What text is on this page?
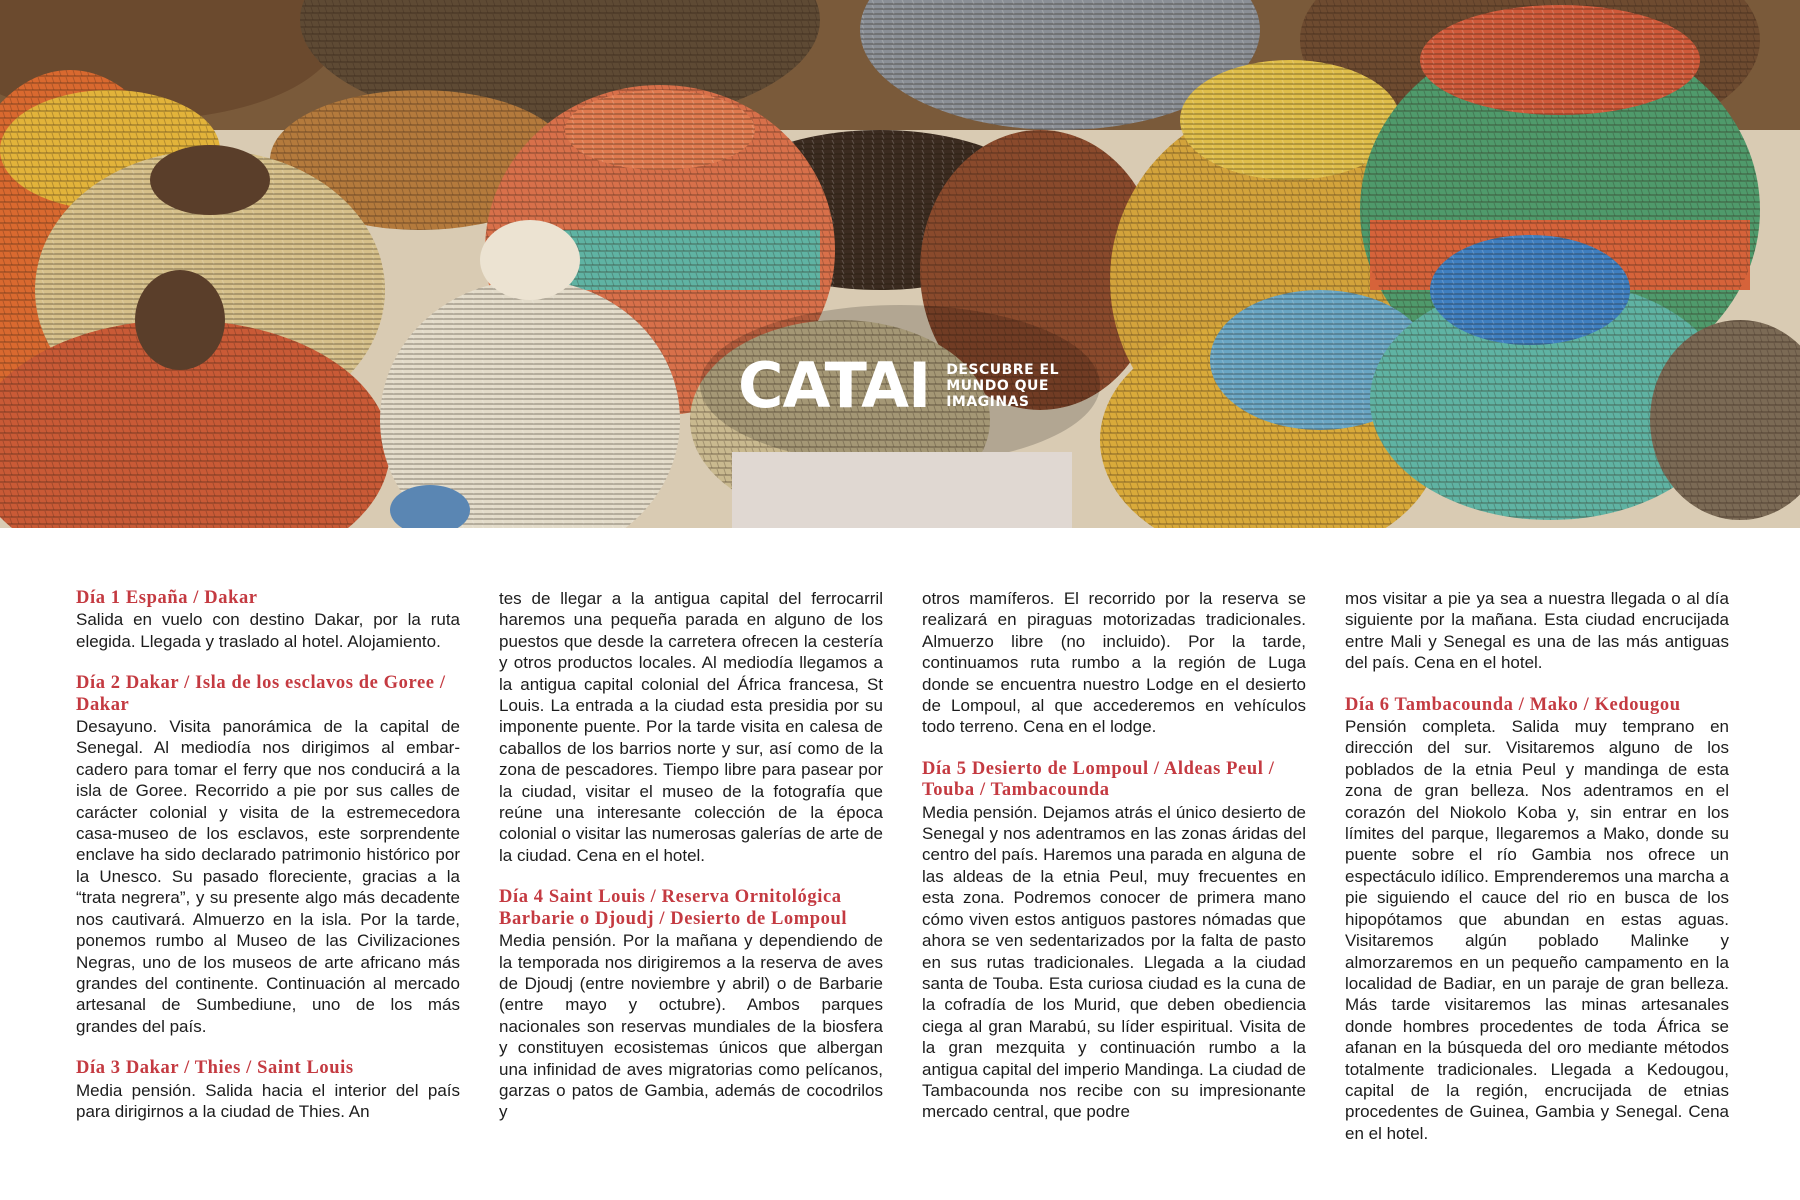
CATAI DESCUBRE EL
MUNDO QUE
IMAGINAS
Día 1 España / Dakar

Salida en vuelo con destino Dakar, por la ruta elegida. Llegada y traslado al hotel. Alojamiento.

Día 2 Dakar / Isla de los esclavos de Goree / Dakar

Desayuno. Visita panorámica de la capital de Senegal. Al mediodía nos dirigimos al embarcadero para tomar el ferry que nos conducirá a la isla de Goree. Recorrido a pie por sus calles de carácter colonial y visita de la estremecedora casa-museo de los esclavos, este sorprendente enclave ha sido declarado patrimonio histórico por la Unesco. Su pasado floreciente, gracias a la “trata negrera”, y su presente algo más decadente nos cautivará. Almuerzo en la isla. Por la tarde, ponemos rumbo al Museo de las Civilizaciones Negras, uno de los museos de arte africano más grandes del continente. Continuación al mercado artesanal de Sumbediune, uno de los más grandes del país.

Día 3 Dakar / Thies / Saint Louis

Media pensión. Salida hacia el interior del país para dirigirnos a la ciudad de Thies. An

tes de llegar a la antigua capital del ferrocarril haremos una pequeña parada en alguno de los puestos que desde la carretera ofrecen la cestería y otros productos locales. Al mediodía llegamos a la antigua capital colonial del África francesa, St Louis. La entrada a la ciudad esta presidia por su imponente puente. Por la tarde visita en calesa de caballos de los barrios norte y sur, así como de la zona de pescadores. Tiempo libre para pasear por la ciudad, visitar el museo de la fotografía que reúne una interesante colección de la época colonial o visitar las numerosas galerías de arte de la ciudad. Cena en el hotel.

Día 4 Saint Louis / Reserva Ornitológica Barbarie o Djoudj / Desierto de Lompoul

Media pensión. Por la mañana y dependiendo de la temporada nos dirigiremos a la reserva de aves de Djoudj (entre noviembre y abril) o de Barbarie (entre mayo y octubre). Ambos parques nacionales son reservas mundiales de la biosfera y constituyen ecosistemas únicos que albergan una infinidad de aves migratorias como pelícanos, garzas o patos de Gambia, además de cocodrilos y

otros mamíferos. El recorrido por la reserva se realizará en piraguas motorizadas tradicionales. Almuerzo libre (no incluido). Por la tarde, continuamos ruta rumbo a la región de Luga donde se encuentra nuestro Lodge en el desierto de Lompoul, al que accederemos en vehículos todo terreno. Cena en el lodge.

Día 5 Desierto de Lompoul / Aldeas Peul / Touba / Tambacounda

Media pensión. Dejamos atrás el único desierto de Senegal y nos adentramos en las zonas áridas del centro del país. Haremos una parada en alguna de las aldeas de la etnia Peul, muy frecuentes en esta zona. Podremos conocer de primera mano cómo viven estos antiguos pastores nómadas que ahora se ven sedentarizados por la falta de pasto en sus rutas tradicionales. Llegada a la ciudad santa de Touba. Esta curiosa ciudad es la cuna de la cofradía de los Murid, que deben obediencia ciega al gran Marabú, su líder espiritual. Visita de la gran mezquita y continuación rumbo a la antigua capital del imperio Mandinga. La ciudad de Tambacounda nos recibe con su impresionante mercado central, que podre

mos visitar a pie ya sea a nuestra llegada o al día siguiente por la mañana. Esta ciudad encrucijada entre Mali y Senegal es una de las más antiguas del país. Cena en el hotel.

Día 6 Tambacounda / Mako / Kedougou

Pensión completa. Salida muy temprano en dirección del sur. Visitaremos alguno de los poblados de la etnia Peul y mandinga de esta zona de gran belleza. Nos adentramos en el corazón del Niokolo Koba y, sin entrar en los límites del parque, llegaremos a Mako, donde su puente sobre el río Gambia nos ofrece un espectáculo idílico. Emprenderemos una marcha a pie siguiendo el cauce del rio en busca de los hipopótamos que abundan en estas aguas. Visitaremos algún poblado Malinke y almorzaremos en un pequeño campamento en la localidad de Badiar, en un paraje de gran belleza. Más tarde visitaremos las minas artesanales donde hombres procedentes de toda África se afanan en la búsqueda del oro mediante métodos totalmente tradicionales. Llegada a Kedougou, capital de la región, encrucijada de etnias procedentes de Guinea, Gambia y Senegal. Cena en el hotel.
